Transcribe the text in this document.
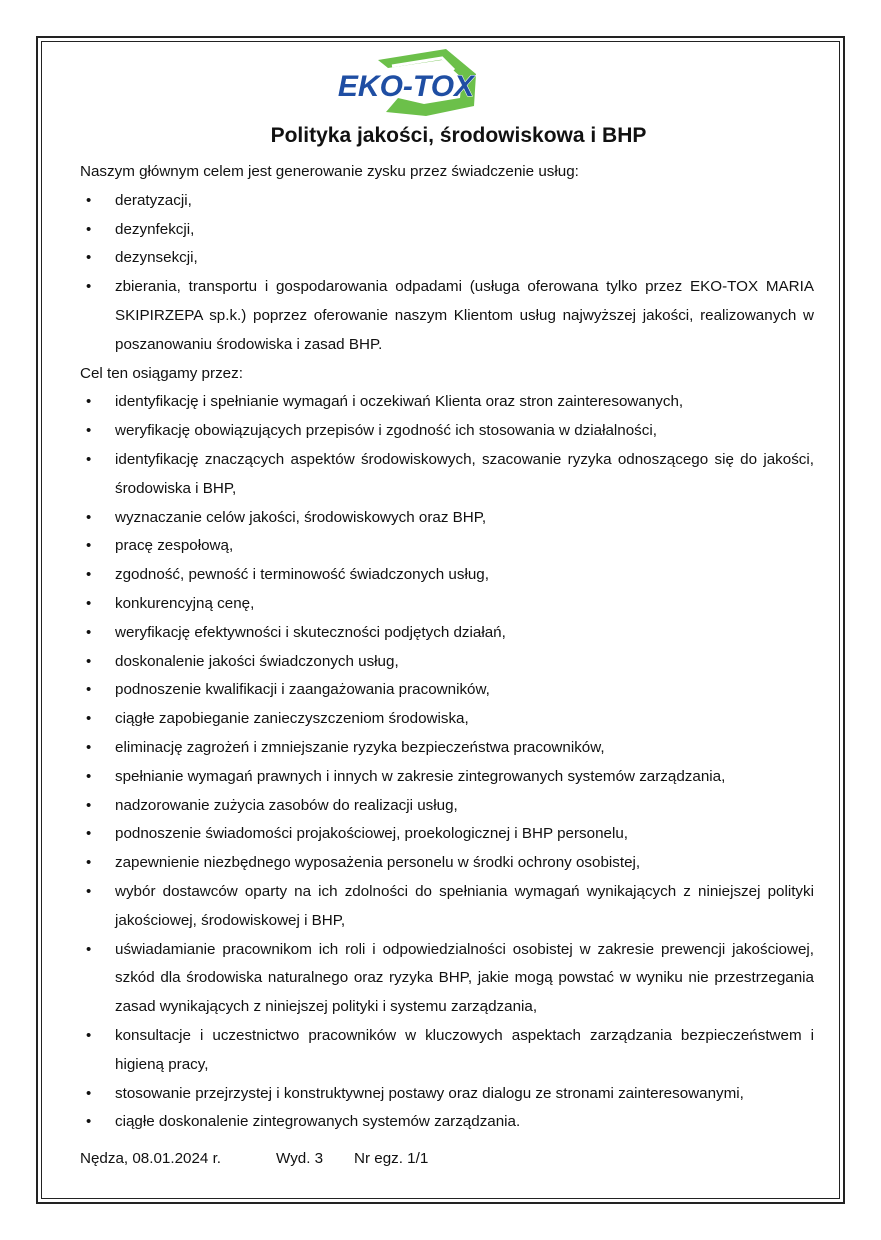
EKO-TOX
Polityka jakości, środowiskowa i BHP

Naszym głównym celem jest generowanie zysku przez świadczenie usług:

• deratyzacji,
• dezynfekcji,
• dezynsekcji,
• zbierania, transportu i gospodarowania odpadami (usługa oferowana tylko przez EKO-TOX MARIA SKIPIRZEPA sp.k.) poprzez oferowanie naszym Klientom usług najwyższej jakości, realizowanych w poszanowaniu środowiska i zasad BHP.

Cel ten osiągamy przez:

• identyfikację i spełnianie wymagań i oczekiwań Klienta oraz stron zainteresowanych,
• weryfikację obowiązujących przepisów i zgodność ich stosowania w działalności,
• identyfikację znaczących aspektów środowiskowych, szacowanie ryzyka odnoszącego się do jakości, środowiska i BHP,
• wyznaczanie celów jakości, środowiskowych oraz BHP,
• pracę zespołową,
• zgodność, pewność i terminowość świadczonych usług,
• konkurencyjną cenę,
• weryfikację efektywności i skuteczności podjętych działań,
• doskonalenie jakości świadczonych usług,
• podnoszenie kwalifikacji i zaangażowania pracowników,
• ciągłe zapobieganie zanieczyszczeniom środowiska,
• eliminację zagrożeń i zmniejszanie ryzyka bezpieczeństwa pracowników,
• spełnianie wymagań prawnych i innych w zakresie zintegrowanych systemów zarządzania,
• nadzorowanie zużycia zasobów do realizacji usług,
• podnoszenie świadomości projakościowej, proekologicznej i BHP personelu,
• zapewnienie niezbędnego wyposażenia personelu w środki ochrony osobistej,
• wybór dostawców oparty na ich zdolności do spełniania wymagań wynikających z niniejszej polityki jakościowej, środowiskowej i BHP,
• uświadamianie pracownikom ich roli i odpowiedzialności osobistej w zakresie prewencji jakościowej, szkód dla środowiska naturalnego oraz ryzyka BHP, jakie mogą powstać w wyniku nie przestrzegania zasad wynikających z niniejszej polityki i systemu zarządzania,
• konsultacje i uczestnictwo pracowników w kluczowych aspektach zarządzania bezpieczeństwem i higieną pracy,
• stosowanie przejrzystej i konstruktywnej postawy oraz dialogu ze stronami zainteresowanymi,
• ciągłe doskonalenie zintegrowanych systemów zarządzania.
Nędza, 08.01.2024 r.	Wyd. 3 Nr egz. 1/1
